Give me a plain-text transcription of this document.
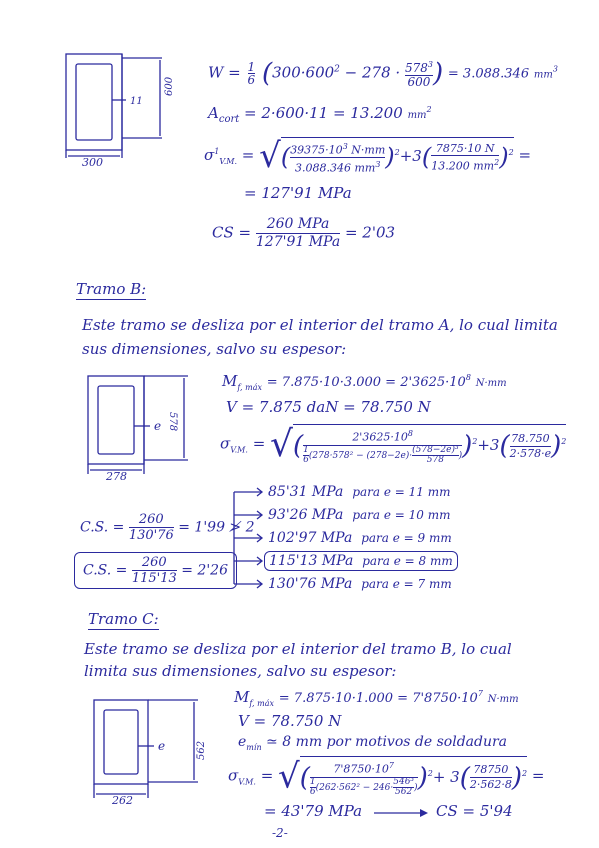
600
11
300
$W = \frac{1}{6} (300\cdot 600^2 - 278 \cdot \frac{578^3}{600}$ ) = 3.088.346 $mm^3$
$A_{cort} = 2\cdot 600\cdot 11 = 13.200$ $mm^2$
$\sigma^1_{V.M.}$ = √( $\frac{39375\cdot 10^3 N\cdot mm}{3.088.346 mm^3} )^2+3( \frac{7875\cdot 10 N}{13.200 mm^2} )^2$ =
= 127'91 MPa
CS =	260 MPa
127'91 MPa
= 2'03
Tramo B:
Este tramo se desliza por el interior del tramo A, lo cual limita
sus dimensiones, salvo su espesor:
578
e
278
$M_{f, máx} = 7.875\cdot 10\cdot 3.000 = 2'3625\cdot 10^8$ N·mm
V = 7.875 daN = 78.750 N
$\sigma_{V.M.}$ = √(	$2'3625\cdot 10^8$
$\frac{1}{6} (278\cdot 578^2 - (278-2e)\cdot \frac{\text{(578−2e)³}}{578}$ ) )$^2+3( \frac{78.750}{2\cdot 578\cdot e} )^2$
85'31 MPa para e = 11 mm
93'26 MPa para e = 10 mm
102'97 MPa para e = 9 mm
115'13 MPa para e = 8 mm
130'76 MPa para e = 7 mm
C.S. = $\frac{260}{130'76} = 1'99$ ≯ 2
C.S. = $\frac{260}{115'13} = 2'26$
Tramo C:
Este tramo se desliza por el interior del tramo B, lo cual
limita sus dimensiones, salvo su espesor:
562
e
262
$M_{f, máx} = 7.875\cdot 10\cdot 1.000 = 7'8750\cdot 10^7$ N·mm
V = 78.750 N
$e_{mín}$ ≃ 8 mm por motivos de soldadura
$\sigma_{V.M.}$ = √(	$7'8750\cdot 10^7$
$\frac{1}{6} (262\cdot 562^2 - 246\cdot \frac{\text{546³}}{562}$ ) )$^2+ 3( \frac{78750}{2\cdot 562\cdot 8} )^2$ =
= 43'79 MPa	CS = 5'94
-2-
